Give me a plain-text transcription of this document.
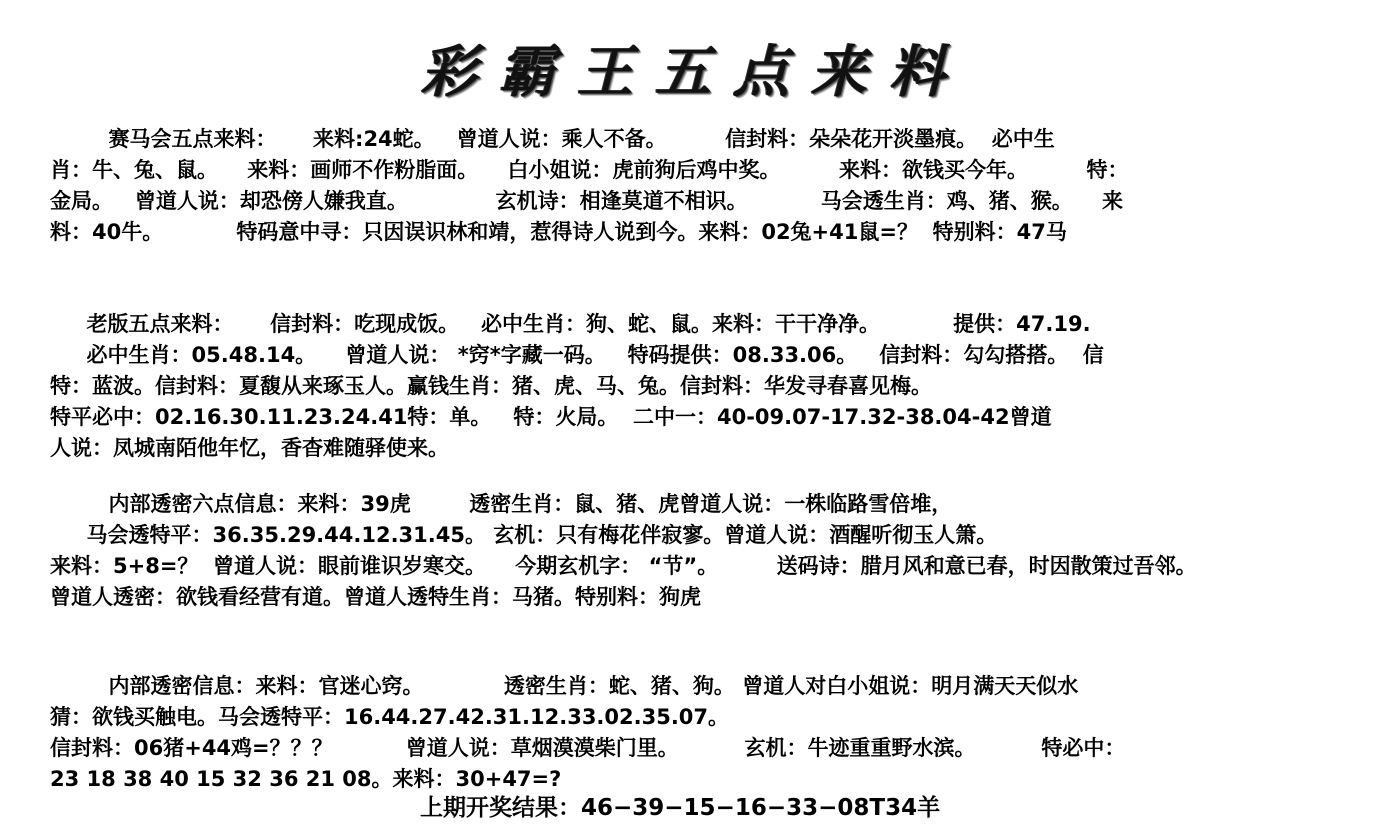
彩霸王五点来料
赛马会五点来料：     来料:24蛇。   曾道人说：乘人不备。        信封料：朵朵花开淡墨痕。  必中生
肖：牛、兔、鼠。    来料：画师不作粉脂面。    白小姐说：虎前狗后鸡中奖。        来料：欲钱买今年。        特：
金局。   曾道人说：却恐傍人嫌我直。            玄机诗：相逢莫道不相识。          马会透生肖：鸡、猪、猴。    来
料：40牛。          特码意中寻：只因误识林和靖，惹得诗人说到今。来料：02兔+41鼠=？  特别料：47马
老版五点来料：     信封料：吃现成饭。   必中生肖：狗、蛇、鼠。来料：干干净净。          提供：47.19.
必中生肖：05.48.14。    曾道人说： *窍*字藏一码。   特码提供：08.33.06。   信封料：勾勾搭搭。  信
特：蓝波。信封料：夏馥从来琢玉人。赢钱生肖：猪、虎、马、兔。信封料：华发寻春喜见梅。
特平必中：02.16.30.11.23.24.41特：单。   特：火局。  二中一：40-09.07-17.32-38.04-42曾道
人说：凤城南陌他年忆，香杳难随驿使来。
内部透密六点信息：来料：39虎        透密生肖：鼠、猪、虎曾道人说：一株临路雪倍堆，
马会透特平：36.35.29.44.12.31.45。 玄机：只有梅花伴寂寥。曾道人说：酒醒听彻玉人箫。
来料：5+8=？  曾道人说：眼前谁识岁寒交。    今期玄机字： “节”。        送码诗：腊月风和意已春，时因散策过吾邻。
曾道人透密：欲钱看经营有道。曾道人透特生肖：马猪。特别料：狗虎
内部透密信息：来料：官迷心窍。           透密生肖：蛇、猪、狗。 曾道人对白小姐说：明月满天天似水
猜：欲钱买触电。马会透特平：16.44.27.42.31.12.33.02.35.07。
信封料：06猪+44鸡=？？？          曾道人说：草烟漠漠柴门里。         玄机：牛迹重重野水滨。         特必中：
23 18 38 40 15 32 36 21 08。来料：30+47=?
上期开奖结果：46−39−15−16−33−08T34羊
